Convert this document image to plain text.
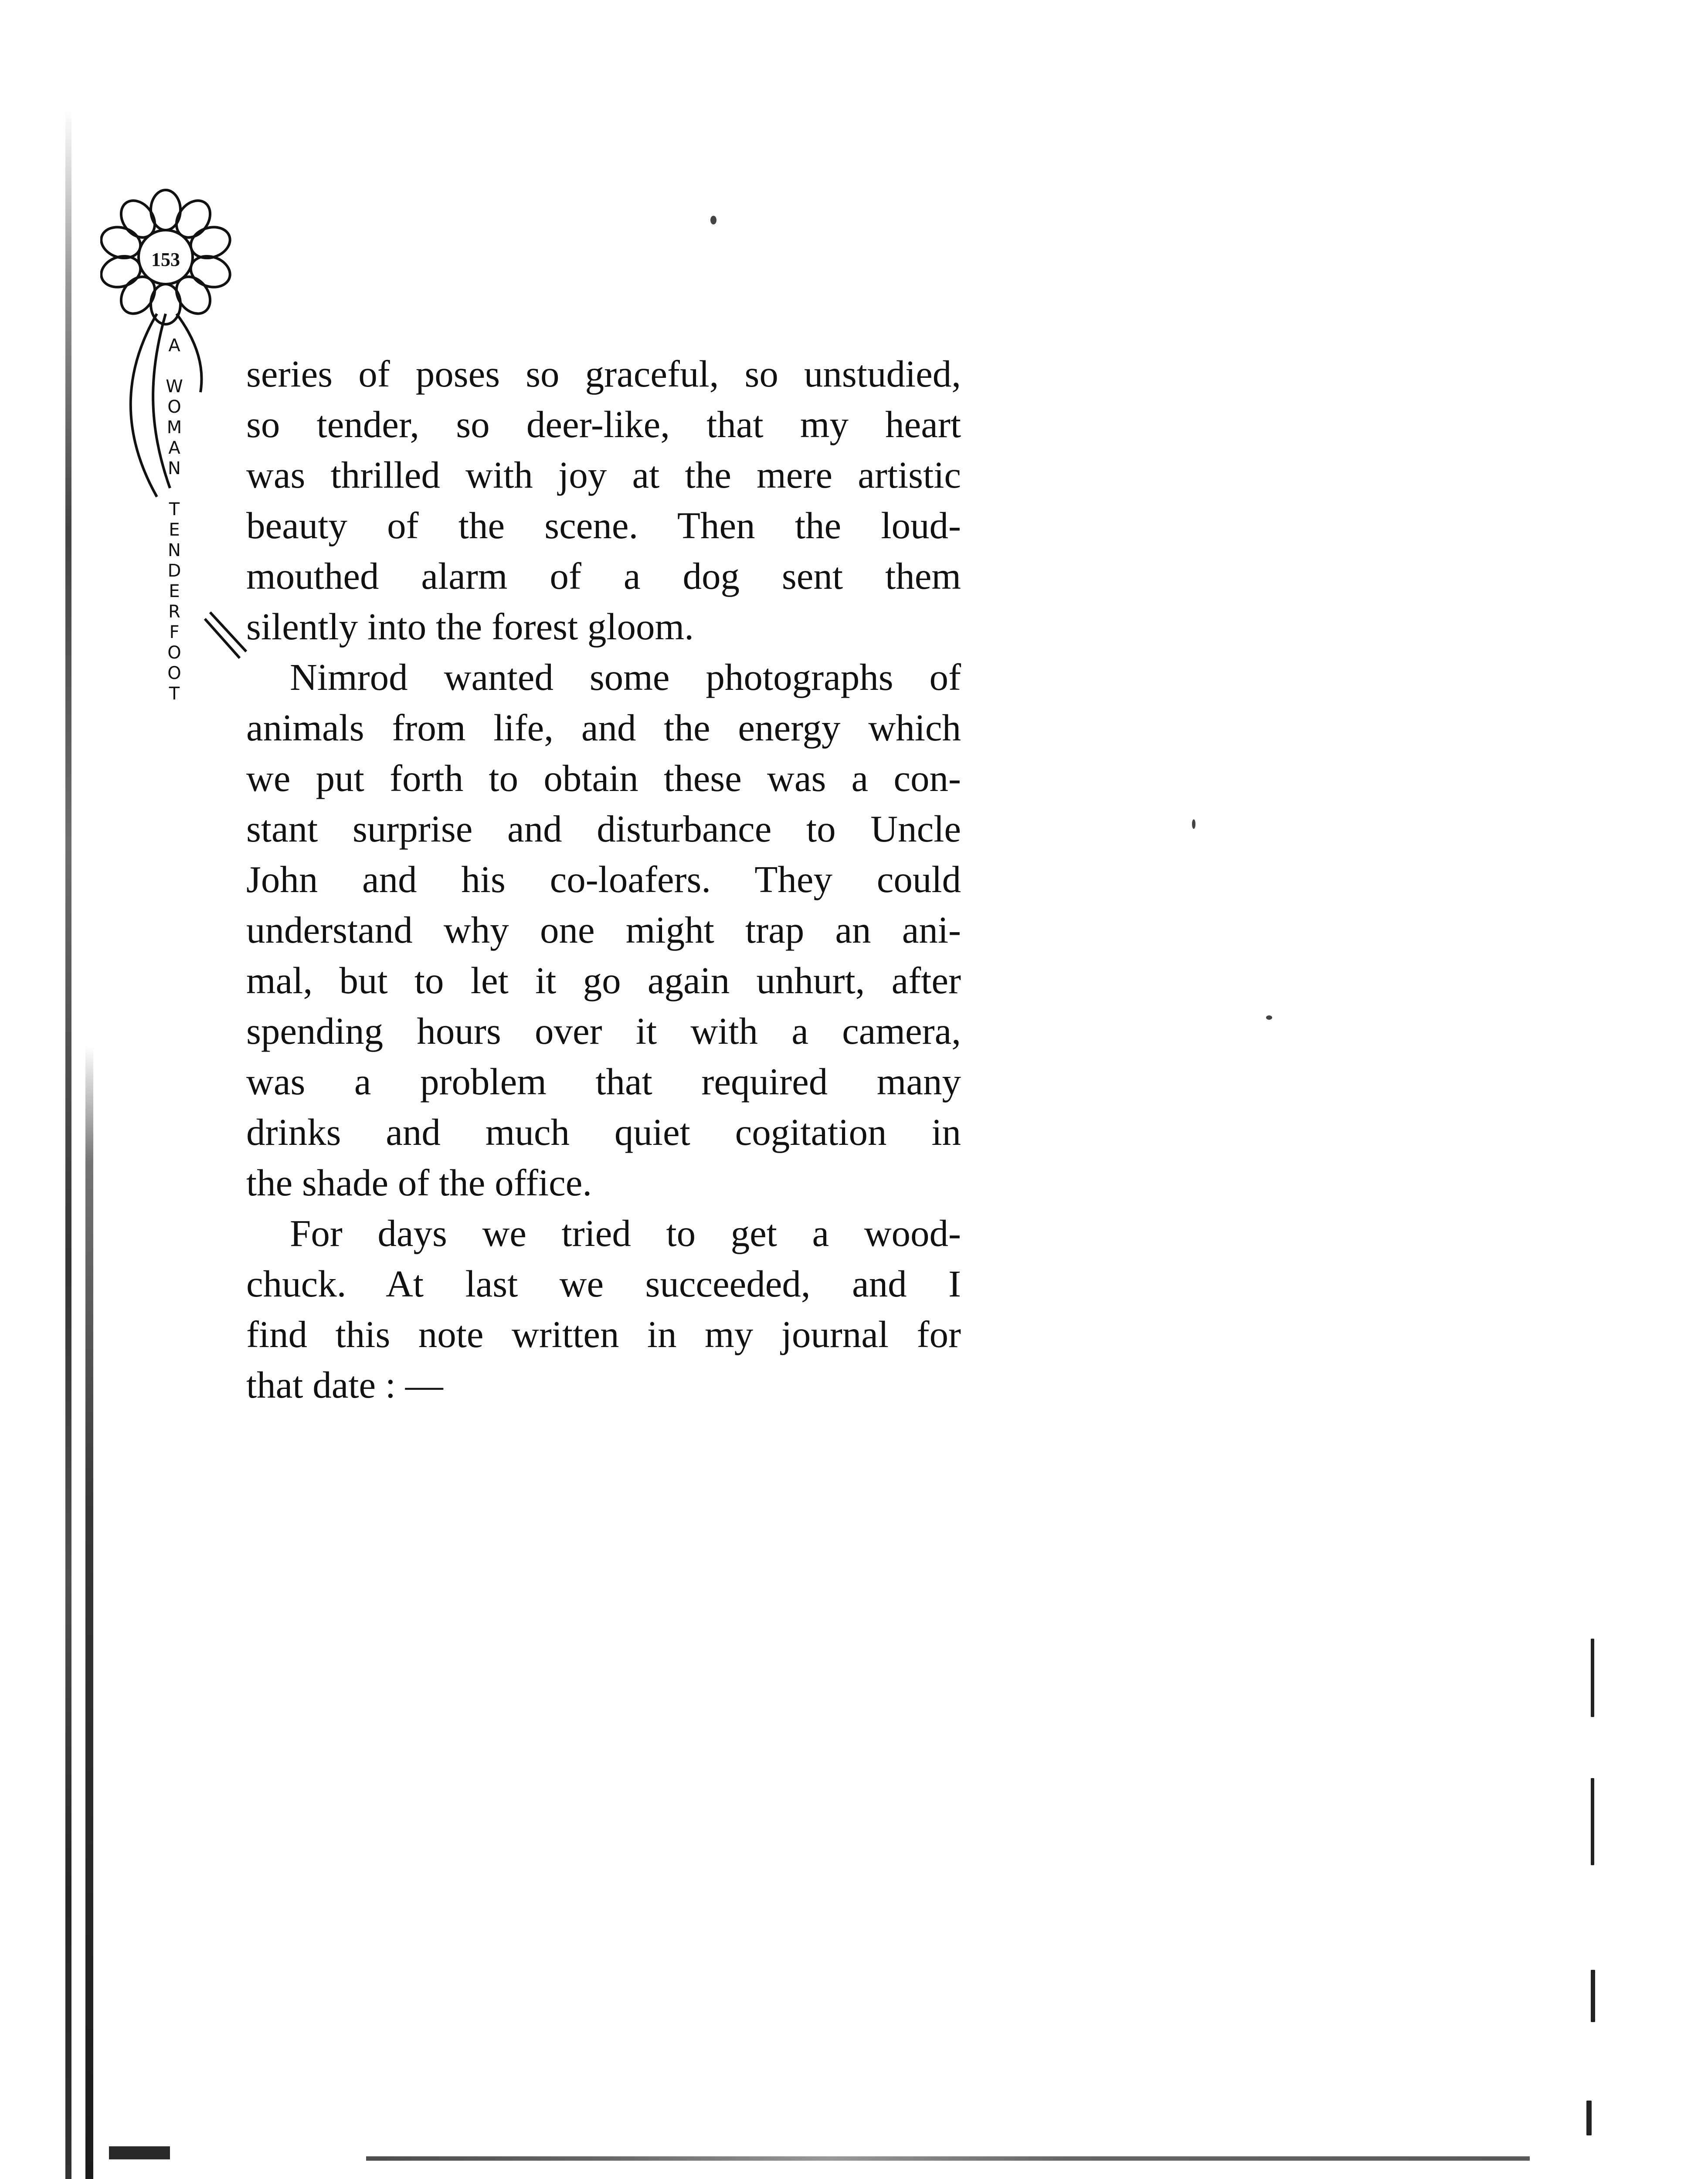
153
A

W
O
M
A
N

T
E
N
D
E
R
F
O
O
T

series of poses so graceful, so unstudied,
so tender, so deer-like, that my heart
was thrilled with joy at the mere artistic
beauty of the scene. Then the loud-
mouthed alarm of a dog sent them
silently into the forest gloom.

Nimrod wanted some photographs of
animals from life, and the energy which
we put forth to obtain these was a con-
stant surprise and disturbance to Uncle
John and his co-loafers. They could
understand why one might trap an ani-
mal, but to let it go again unhurt, after
spending hours over it with a camera,
was a problem that required many
drinks and much quiet cogitation in
the shade of the office.

For days we tried to get a wood-
chuck. At last we succeeded, and I
find this note written in my journal for
that date : —
